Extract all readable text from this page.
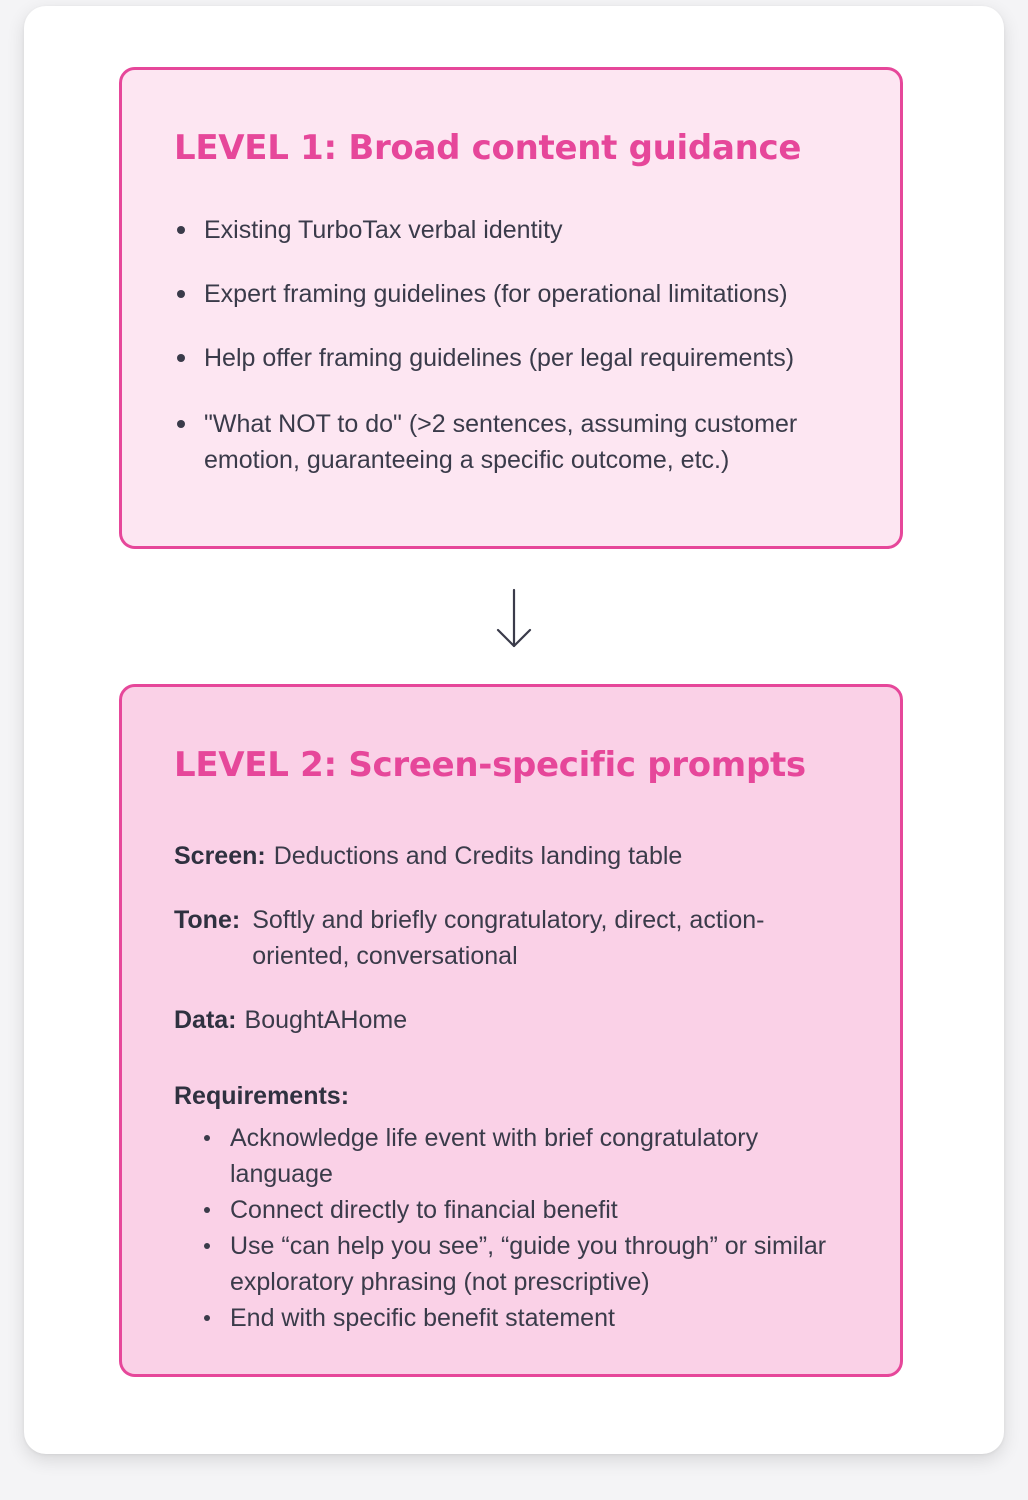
LEVEL 1: Broad content guidance
Existing TurboTax verbal identity
Expert framing guidelines (for operational limitations)
Help offer framing guidelines (per legal requirements)
"What NOT to do" (>2 sentences, assuming customer emotion, guaranteeing a specific outcome, etc.)
LEVEL 2: Screen-specific prompts
Screen: Deductions and Credits landing table
Tone: Softly and briefly congratulatory, direct, action-oriented, conversational
Data: BoughtAHome
Requirements:
Acknowledge life event with brief congratulatory language
Connect directly to financial benefit
Use “can help you see”, “guide you through” or similar exploratory phrasing (not prescriptive)
End with specific benefit statement
